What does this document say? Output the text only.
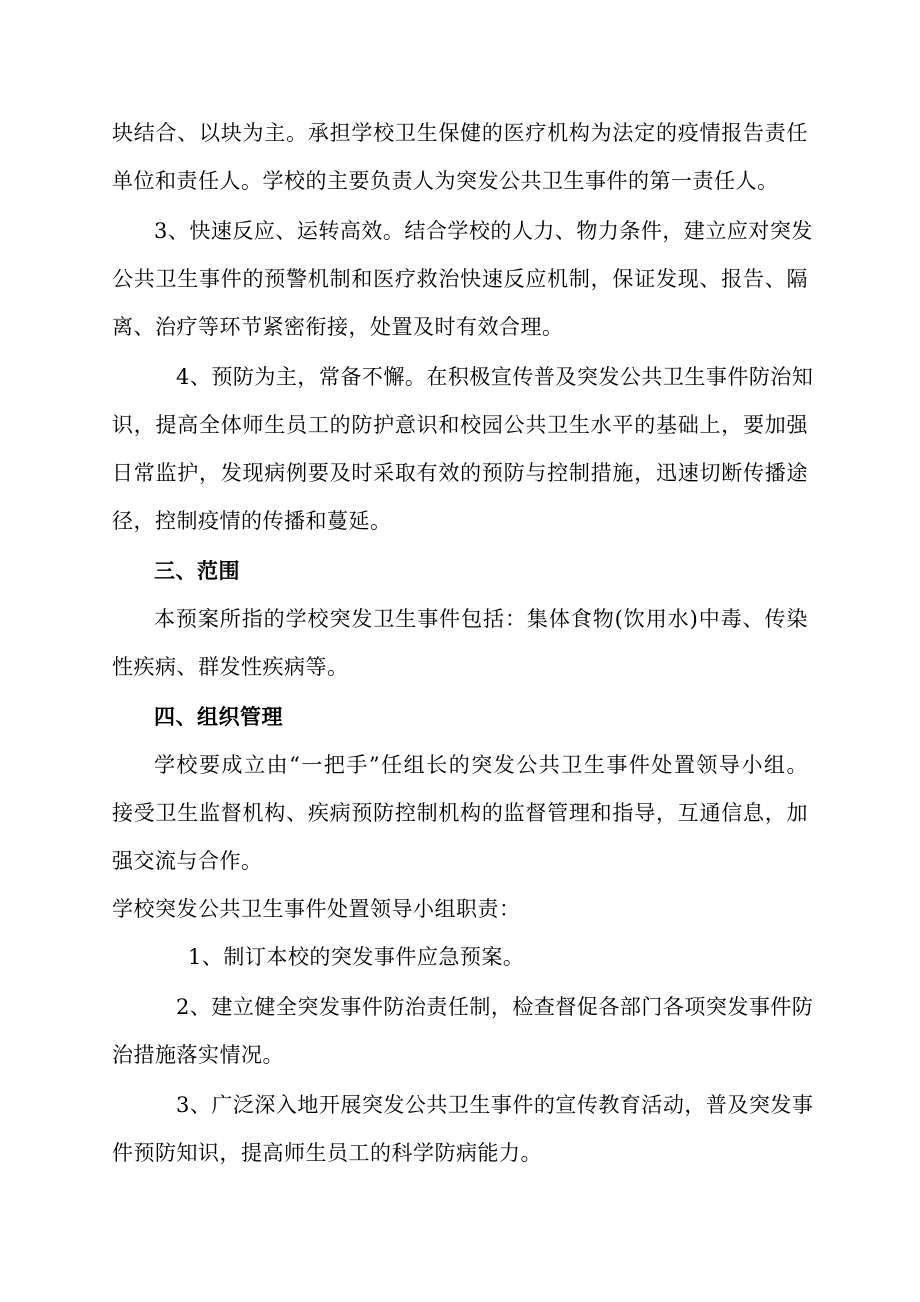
块结合、以块为主。承担学校卫生保健的医疗机构为法定的疫情报告责任
单位和责任人。学校的主要负责人为突发公共卫生事件的第一责任人。
3、快速反应、运转高效。结合学校的人力、物力条件，建立应对突发
公共卫生事件的预警机制和医疗救治快速反应机制，保证发现、报告、隔
离、治疗等环节紧密衔接，处置及时有效合理。
4、预防为主，常备不懈。在积极宣传普及突发公共卫生事件防治知
识，提高全体师生员工的防护意识和校园公共卫生水平的基础上，要加强
日常监护，发现病例要及时采取有效的预防与控制措施，迅速切断传播途
径，控制疫情的传播和蔓延。
三、范围
本预案所指的学校突发卫生事件包括：集体食物(饮用水)中毒、传染
性疾病、群发性疾病等。
四、组织管理
学校要成立由“一把手”任组长的突发公共卫生事件处置领导小组。
接受卫生监督机构、疾病预防控制机构的监督管理和指导，互通信息，加
强交流与合作。
学校突发公共卫生事件处置领导小组职责：
1、制订本校的突发事件应急预案。
2、建立健全突发事件防治责任制，检查督促各部门各项突发事件防
治措施落实情况。
3、广泛深入地开展突发公共卫生事件的宣传教育活动，普及突发事
件预防知识，提高师生员工的科学防病能力。
